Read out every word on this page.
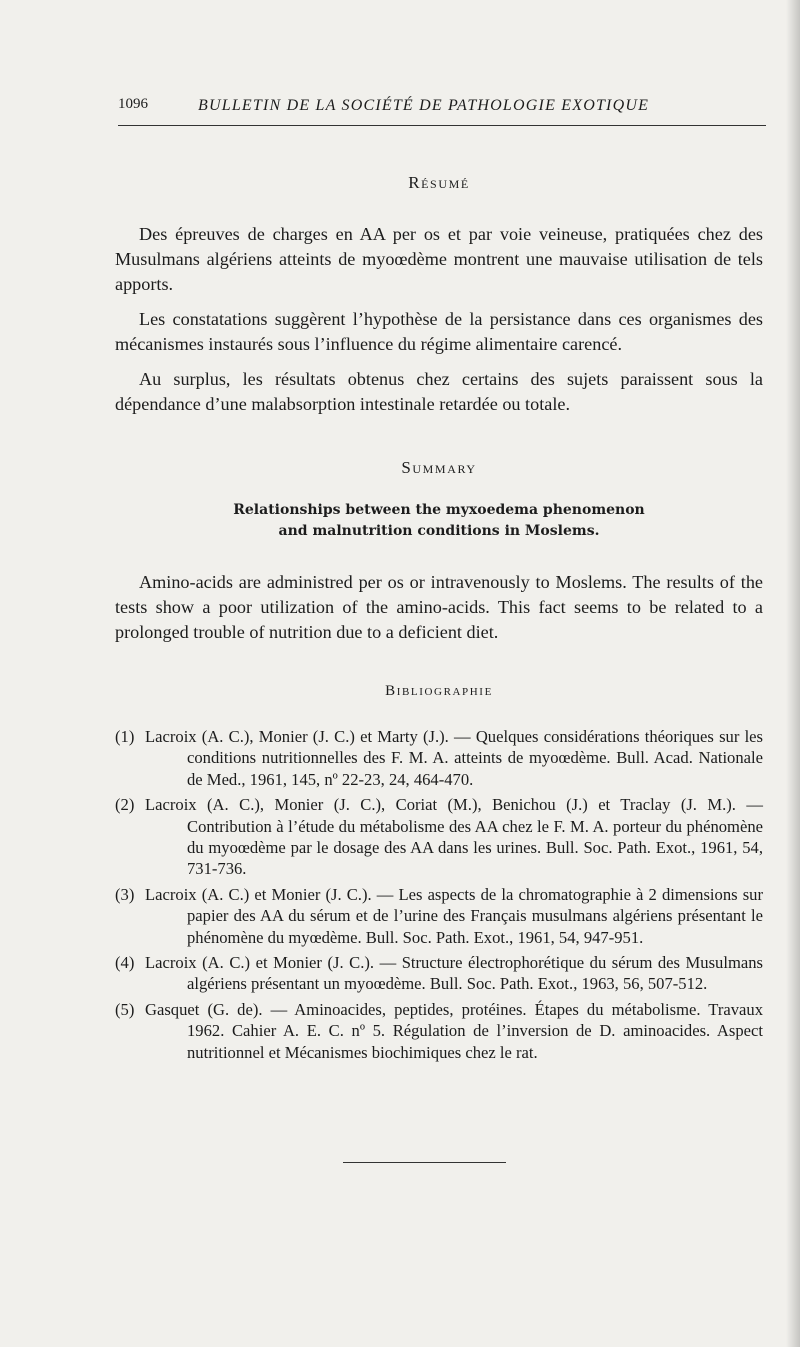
1096	BULLETIN DE LA SOCIÉTÉ DE PATHOLOGIE EXOTIQUE
Résumé

Des épreuves de charges en AA per os et par voie veineuse, pratiquées chez des Musulmans algériens atteints de myoœdème montrent une mauvaise utilisation de tels apports.

Les constatations suggèrent l’hypothèse de la persistance dans ces organismes des mécanismes instaurés sous l’influence du régime alimentaire carencé.

Au surplus, les résultats obtenus chez certains des sujets paraissent sous la dépendance d’une malabsorption intestinale retardée ou totale.

Summary
Relationships between the myxoedema phenomenon
and malnutrition conditions in Moslems.

Amino-acids are administred per os or intravenously to Moslems. The results of the tests show a poor utilization of the amino-acids. This fact seems to be related to a prolonged trouble of nutrition due to a deficient diet.

Bibliographie
(1) Lacroix (A. C.), Monier (J. C.) et Marty (J.). — Quelques considérations théoriques sur les conditions nutritionnelles des F. M. A. atteints de myoœdème. Bull. Acad. Nationale de Med., 1961, 145, nº 22-23, 24, 464-470.
(2) Lacroix (A. C.), Monier (J. C.), Coriat (M.), Benichou (J.) et Traclay (J. M.). — Contribution à l’étude du métabolisme des AA chez le F. M. A. porteur du phénomène du myoœdème par le dosage des AA dans les urines. Bull. Soc. Path. Exot., 1961, 54, 731-736.
(3) Lacroix (A. C.) et Monier (J. C.). — Les aspects de la chromatographie à 2 dimensions sur papier des AA du sérum et de l’urine des Français musulmans algériens présentant le phénomène du myœdème. Bull. Soc. Path. Exot., 1961, 54, 947-951.
(4) Lacroix (A. C.) et Monier (J. C.). — Structure électrophorétique du sérum des Musulmans algériens présentant un myoœdème. Bull. Soc. Path. Exot., 1963, 56, 507-512.
(5) Gasquet (G. de). — Aminoacides, peptides, protéines. Étapes du métabolisme. Travaux 1962. Cahier A. E. C. nº 5. Régulation de l’inversion de D. aminoacides. Aspect nutritionnel et Mécanismes biochimiques chez le rat.
